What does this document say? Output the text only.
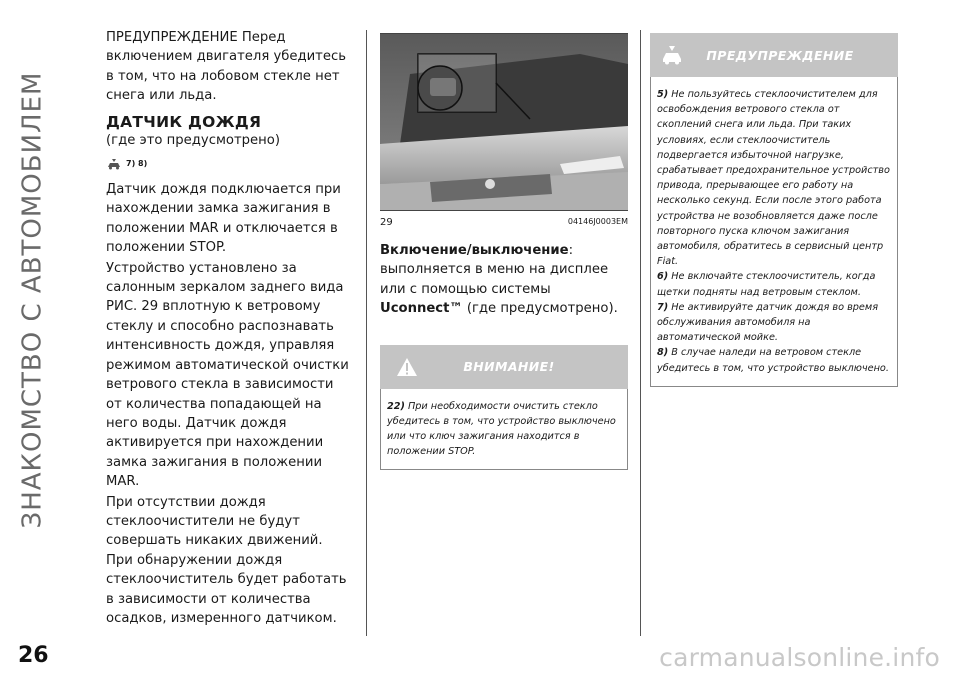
ЗНАКОМСТВО С АВТОМОБИЛЕМ

ПРЕДУПРЕЖДЕНИЕ Перед включением двигателя убедитесь в том, что на лобовом стекле нет снега или льда.

ДАТЧИК ДОЖДЯ

(где это предусмотрено)

7) 8)

Датчик дождя подключается при нахождении замка зажигания в положении MAR и отключается в положении STOP.

Устройство установлено за салонным зеркалом заднего вида РИС. 29 вплотную к ветровому стеклу и способно распознавать интенсивность дождя, управляя режимом автоматической очистки ветрового стекла в зависимости от количества попадающей на него воды. Датчик дождя активируется при нахождении замка зажигания в положении MAR.

При отсутствии дождя стеклоочистители не будут совершать никаких движений. При обнаружении дождя стеклоочиститель будет работать в зависимости от количества осадков, измеренного датчиком.

29	04146J0003EM

Включение/выключение: выполняется в меню на дисплее или с помощью системы Uconnect™ (где предусмотрено).

ВНИМАНИЕ!
22) При необходимости очистить стекло убедитесь в том, что устройство выключено или что ключ зажигания находится в положении STOP.
ПРЕДУПРЕЖДЕНИЕ

5) Не пользуйтесь стеклоочистителем для освобождения ветрового стекла от скоплений снега или льда. При таких условиях, если стеклоочиститель подвергается избыточной нагрузке, срабатывает предохранительное устройство привода, прерывающее его работу на несколько секунд. Если после этого работа устройства не возобновляется даже после повторного пуска ключом зажигания автомобиля, обратитесь в сервисный центр Fiat.

6) Не включайте стеклоочиститель, когда щетки подняты над ветровым стеклом.

7) Не активируйте датчик дождя во время обслуживания автомобиля на автоматической мойке.

8) В случае наледи на ветровом стекле убедитесь в том, что устройство выключено.

26	carmanualsonline.info
